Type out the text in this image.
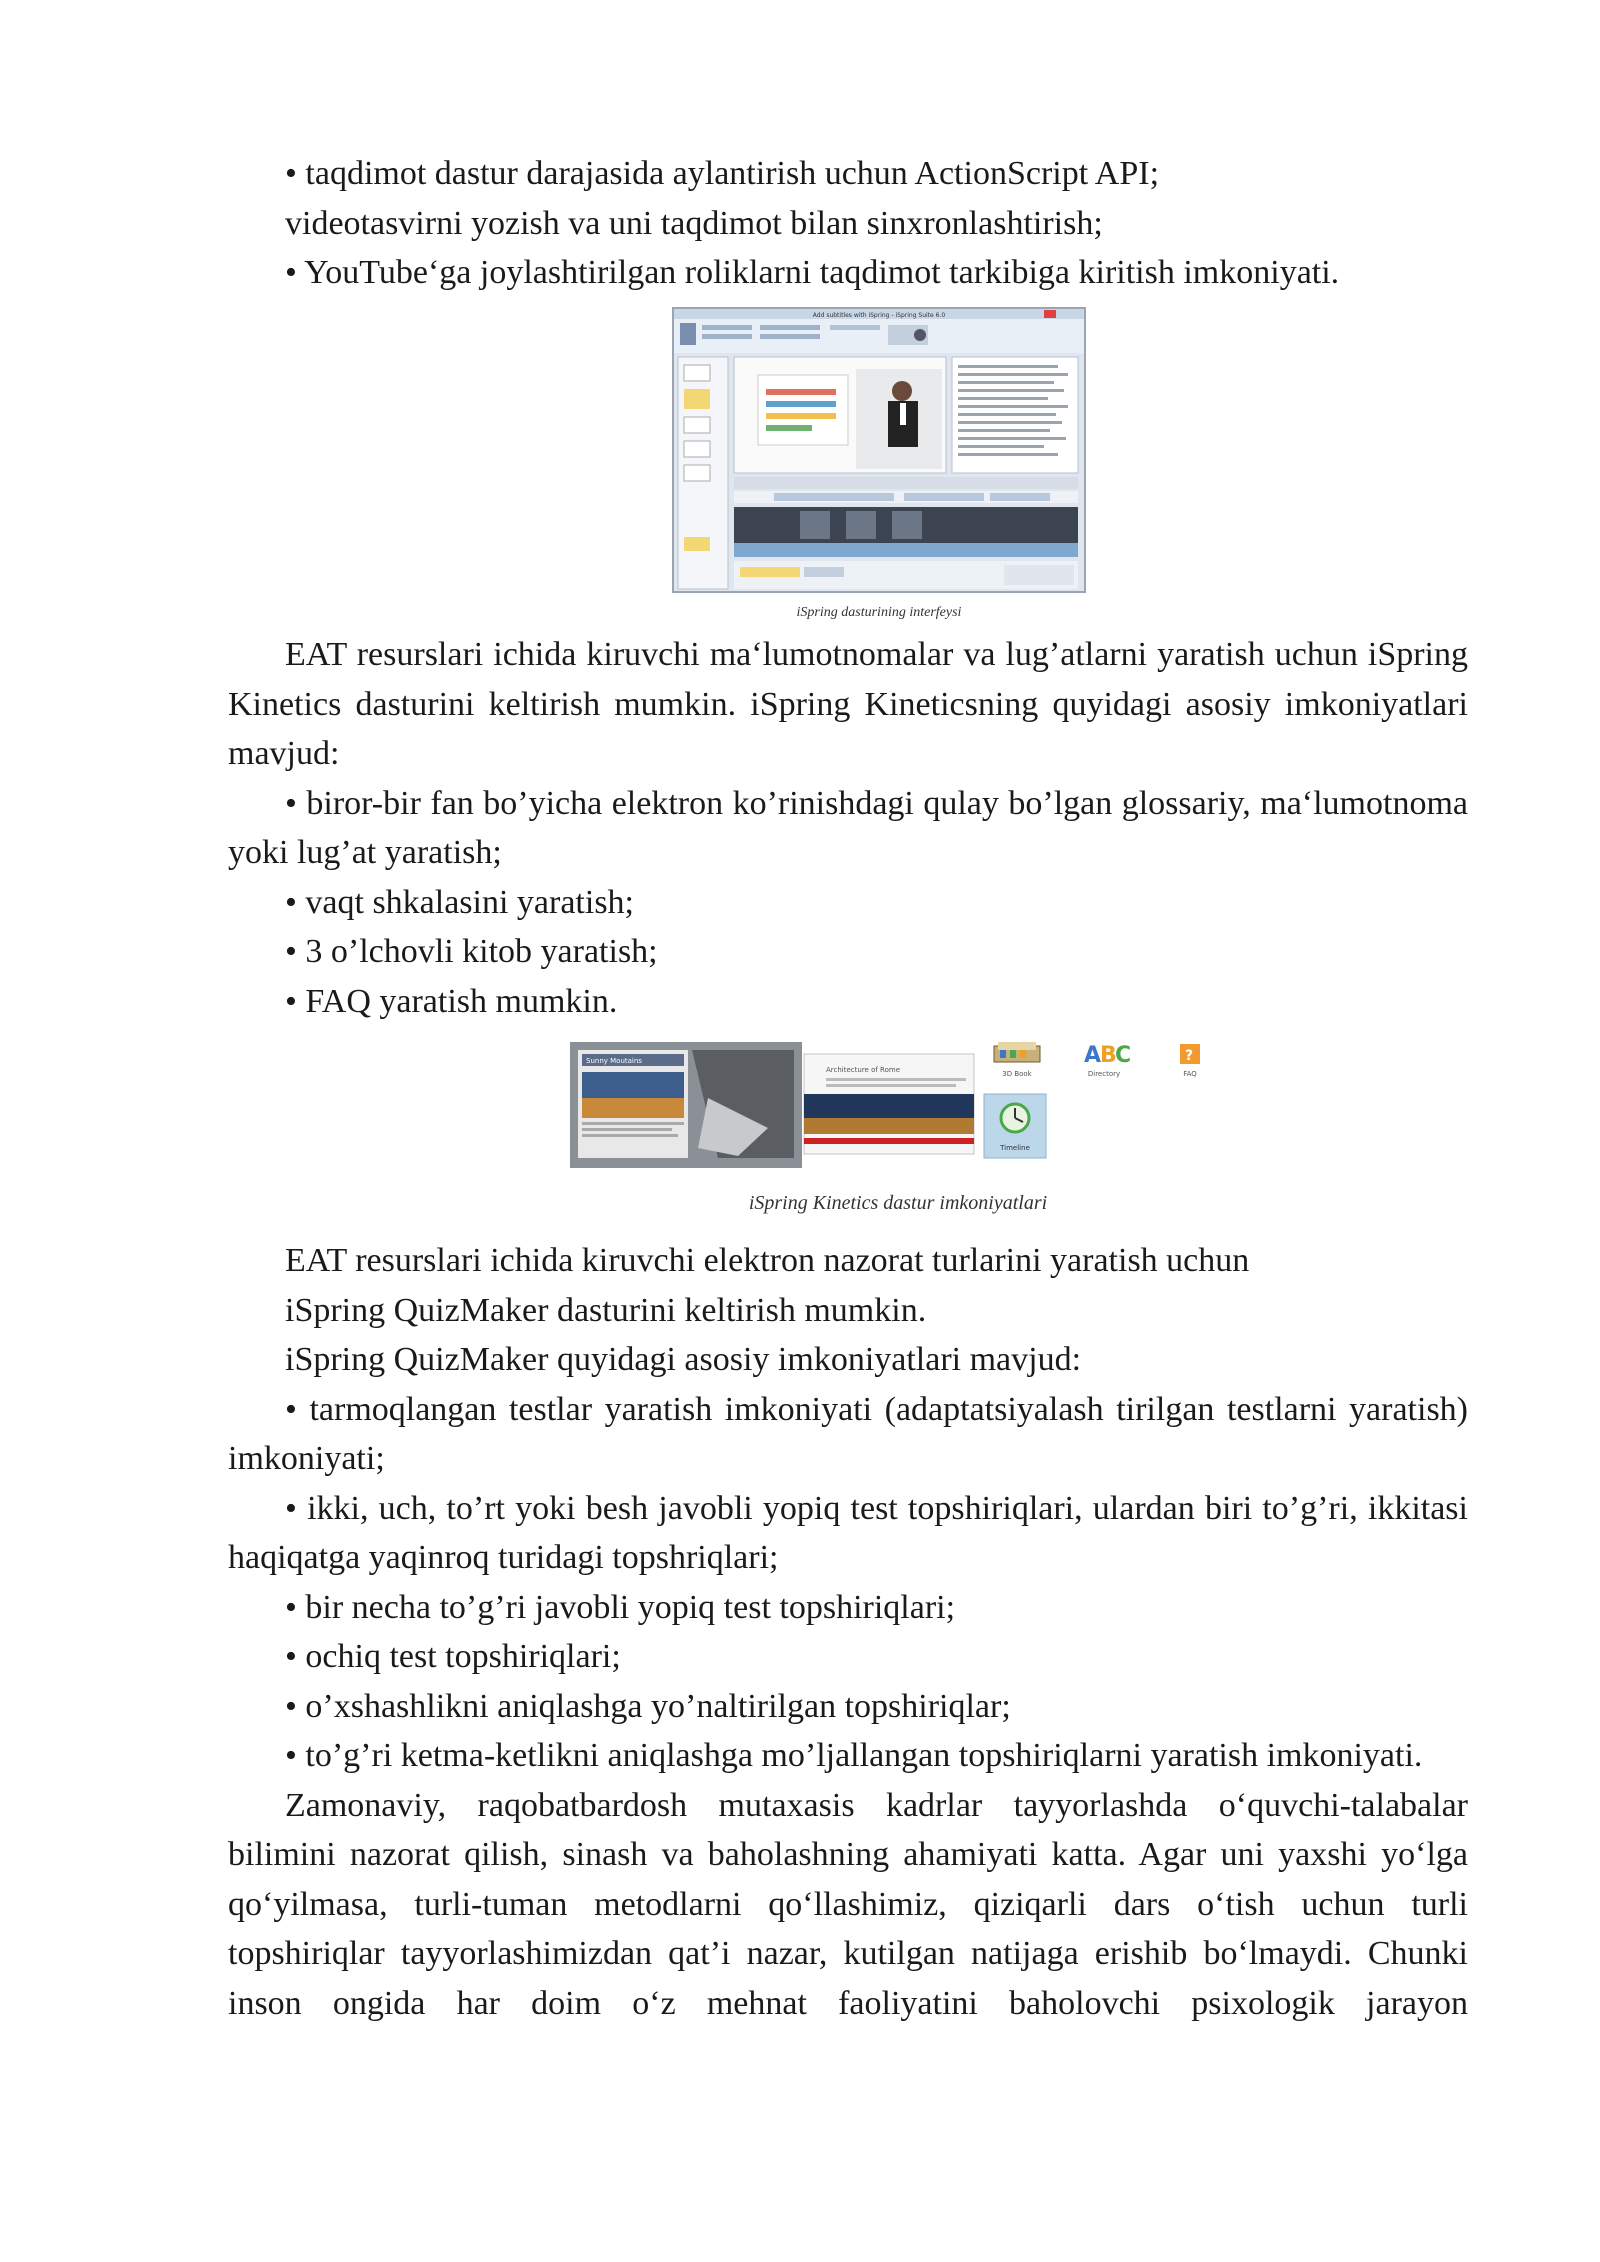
• taqdimot dastur darajasida aylantirish uchun ActionScript API;

videotasvirni yozish va uni taqdimot bilan sinxronlashtirish;

• YouTube‘ga joylashtirilgan roliklarni taqdimot tarkibiga kiritish imkoniyati.

Add subtitles with iSpring - iSpring Suite 6.0
iSpring dasturining interfeysi

EAT resurslari ichida kiruvchi ma‘lumotnomalar va lug’atlarni yaratish uchun iSpring Kinetics dasturini keltirish mumkin. iSpring Kineticsning quyidagi asosiy imkoniyatlari mavjud:

• biror-bir fan bo’yicha elektron ko’rinishdagi qulay bo’lgan glossariy, ma‘lumotnoma yoki lug’at yaratish;

• vaqt shkalasini yaratish;

• 3 o’lchovli kitob yaratish;

• FAQ yaratish mumkin.

Sunny Moutains
Architecture of Rome	3D Book
A
B
C
Directory
?
FAQ
Timeline
iSpring Kinetics dastur imkoniyatlari

EAT resurslari ichida kiruvchi elektron nazorat turlarini yaratish uchun

iSpring QuizMaker dasturini keltirish mumkin.

iSpring QuizMaker quyidagi asosiy imkoniyatlari mavjud:

• tarmoqlangan testlar yaratish imkoniyati (adaptatsiyalash tirilgan testlarni yaratish) imkoniyati;

• ikki, uch, to’rt yoki besh javobli yopiq test topshiriqlari, ulardan biri to’g’ri, ikkitasi haqiqatga yaqinroq turidagi topshriqlari;

• bir necha to’g’ri javobli yopiq test topshiriqlari;

• ochiq test topshiriqlari;

• o’xshashlikni aniqlashga yo’naltirilgan topshiriqlar;

• to’g’ri ketma-ketlikni aniqlashga mo’ljallangan topshiriqlarni yaratish imkoniyati.

Zamonaviy, raqobatbardosh mutaxasis kadrlar tayyorlashda o‘quvchi-talabalar bilimini nazorat qilish, sinash va baholashning ahamiyati katta. Agar uni yaxshi yo‘lga qo‘yilmasa, turli-tuman metodlarni qo‘llashimiz, qiziqarli dars o‘tish uchun turli topshiriqlar tayyorlashimizdan qat’i nazar, kutilgan natijaga erishib bo‘lmaydi. Chunki inson ongida har doim o‘z mehnat faoliyatini baholovchi psixologik jarayon
